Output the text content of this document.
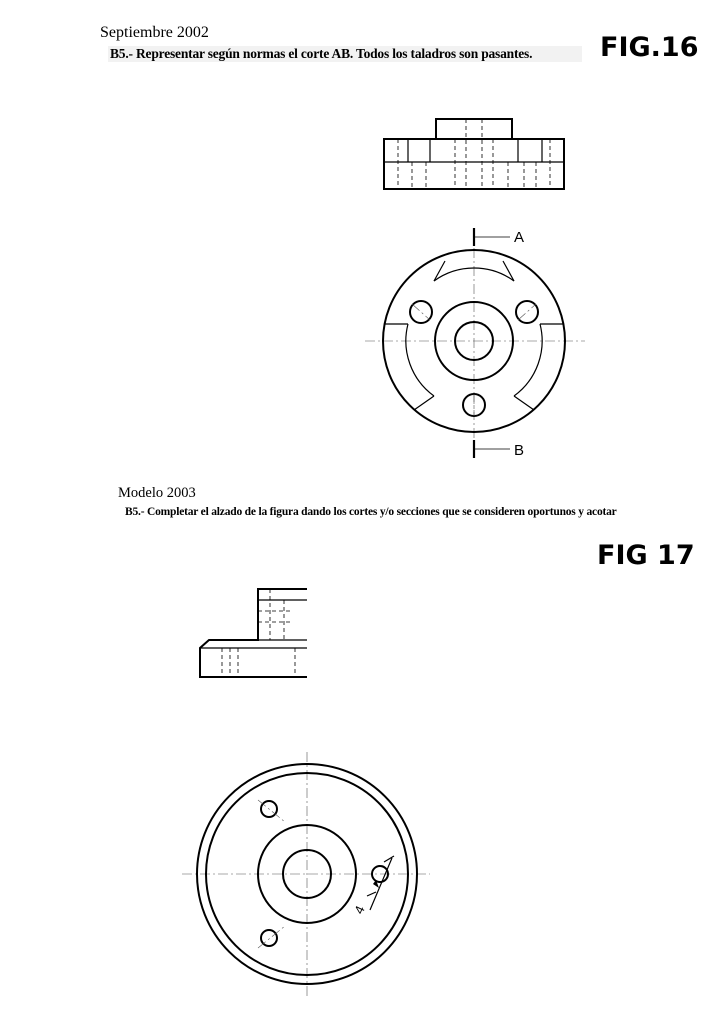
Septiembre 2002
B5.- Representar según normas el corte AB. Todos los taladros son pasantes.	FIG.16
Modelo 2003
B5.- Completar el alzado de la figura dando los cortes y/o secciones que se consideren oportunos y acotar
FIG 17
A
B
4
